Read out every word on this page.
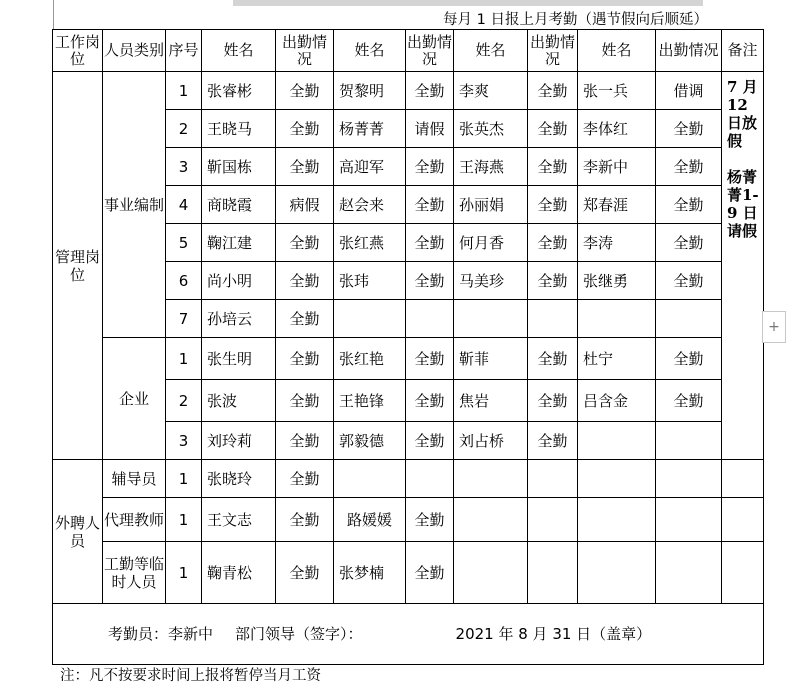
每月 1 日报上月考勤（遇节假向后顺延）
工作岗位	人员类别	序号	姓名	出勤情况	姓名	出勤情况	姓名	出勤情况	姓名	出勤情况	备注
管理岗位	事业编制	1	张睿彬	全勤	贺黎明	全勤	李爽	全勤	张一兵	借调	7 月12日放假
杨菁菁1-9 日请假

		2	王晓马	全勤	杨菁菁	请假	张英杰	全勤	李体红	全勤	
		3	靳国栋	全勤	高迎军	全勤	王海燕	全勤	李新中	全勤	
		4	商晓霞	病假	赵会来	全勤	孙丽娟	全勤	郑春涯	全勤	
		5	鞠江建	全勤	张红燕	全勤	何月香	全勤	李涛	全勤	
		6	尚小明	全勤	张玮	全勤	马美珍	全勤	张继勇	全勤	
		7	孙培云	全勤							
	企业	1	张生明	全勤	张红艳	全勤	靳菲	全勤	杜宁	全勤	
		2	张波	全勤	王艳锋	全勤	焦岩	全勤	吕含金	全勤	
		3	刘玲莉	全勤	郭毅德	全勤	刘占桥	全勤			
外聘人员	辅导员	1	张晓玲	全勤							
	代理教师	1	王文志	全勤	路媛媛	全勤					
	工勤等临时人员	1	鞠青松	全勤	张梦楠	全勤					
考勤员：李新中 部门领导（签字）： 2021 年 8 月 31 日（盖章）											
注：凡不按要求时间上报将暂停当月工资
+
